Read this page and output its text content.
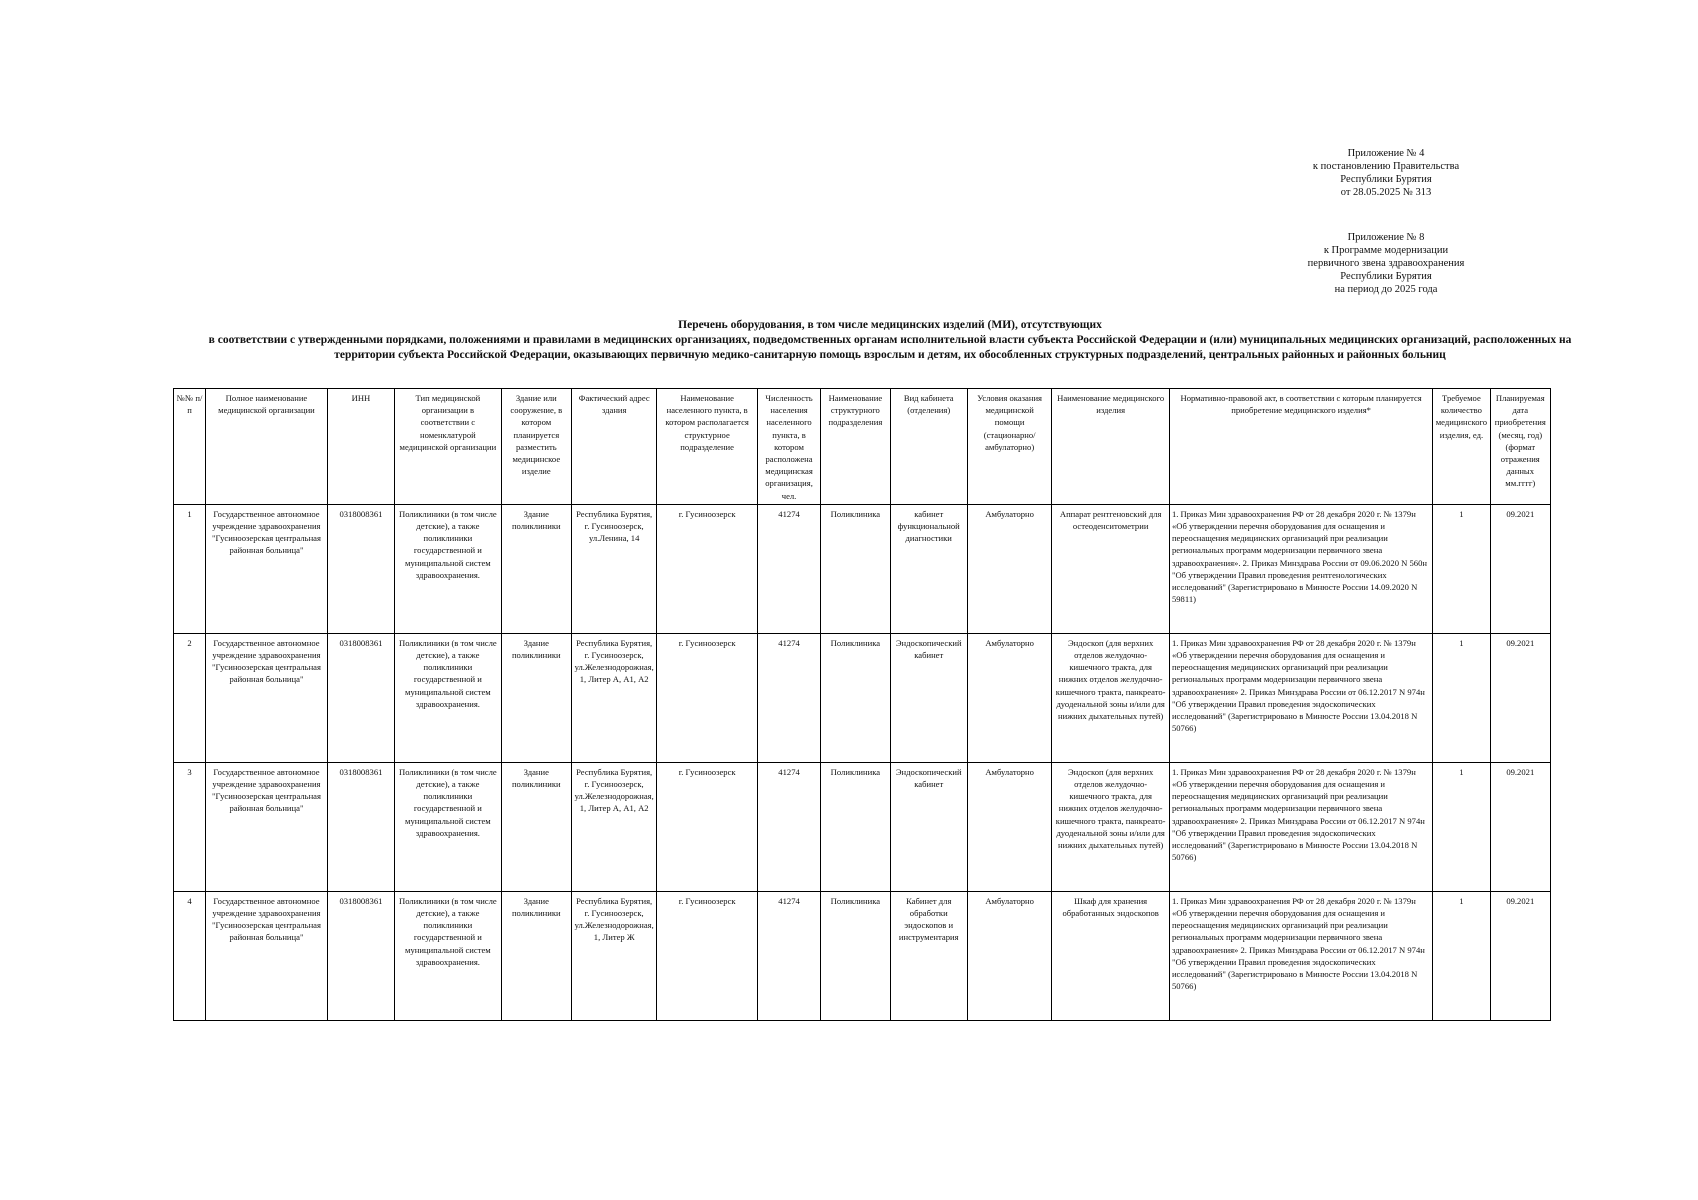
Приложение № 4
к постановлению Правительства
Республики Бурятия
от 28.05.2025 № 313
Приложение № 8
к Программе модернизации
первичного звена здравоохранения
Республики Бурятия
на период до 2025 года
Перечень оборудования, в том числе медицинских изделий (МИ), отсутствующих
в соответствии с утвержденными порядками, положениями и правилами в медицинских организациях, подведомственных органам исполнительной власти субъекта Российской Федерации и (или) муниципальных медицинских организаций, расположенных на территории субъекта Российской Федерации, оказывающих первичную медико-санитарную помощь взрослым и детям, их обособленных структурных подразделений, центральных районных и районных больниц
№№ п/п	Полное наименование медицинской организации	ИНН	Тип медицинской организации в соответствии с номенклатурой медицинской организации	Здание или сооружение, в котором планируется разместить медицинское изделие	Фактический адрес здания	Наименование населенного пункта, в котором располагается структурное подразделение	Численность населения населенного пункта, в котором расположена медицинская организация, чел.	Наименование структурного подразделения	Вид кабинета (отделения)	Условия оказания медицинской помощи (стационарно/амбулаторно)	Наименование медицинского изделия	Нормативно-правовой акт, в соответствии с которым планируется приобретение медицинского изделия*	Требуемое количество медицинского изделия, ед.	Планируемая дата приобретения (месяц, год) (формат отражения данных мм.гггг)
1	Государственное автономное учреждение здравоохранения "Гусиноозерская центральная районная больница"	0318008361	Поликлиники (в том числе детские), а также поликлиники государственной и муниципальной систем здравоохранения.	Здание поликлиники	Республика Бурятия, г. Гусиноозерск, ул.Ленина, 14	г. Гусиноозерск	41274	Поликлиника	кабинет функциональной диагностики	Амбулаторно	Аппарат рентгеновский для остеоденситометрии	1. Приказ Мин здравоохранения РФ от 28 декабря 2020 г. № 1379н «Об утверждении перечня оборудования для оснащения и переоснащения медицинских организаций при реализации региональных программ модернизации первичного звена здравоохранения». 2. Приказ Минздрава России от 09.06.2020 N 560н "Об утверждении Правил проведения рентгенологических исследований" (Зарегистрировано в Минюсте России 14.09.2020 N 59811)	1	09.2021
2	Государственное автономное учреждение здравоохранения "Гусиноозерская центральная районная больница"	0318008361	Поликлиники (в том числе детские), а также поликлиники государственной и муниципальной систем здравоохранения.	Здание поликлиники	Республика Бурятия, г. Гусиноозерск, ул.Железнодорожная, 1, Литер А, А1, А2	г. Гусиноозерск	41274	Поликлиника	Эндоскопический кабинет	Амбулаторно	Эндоскоп (для верхних отделов желудочно-кишечного тракта, для нижних отделов желудочно-кишечного тракта, панкреато-дуоденальной зоны и/или для нижних дыхательных путей)	1. Приказ Мин здравоохранения РФ от 28 декабря 2020 г. № 1379н «Об утверждении перечня оборудования для оснащения и переоснащения медицинских организаций при реализации региональных программ модернизации первичного звена здравоохранения» 2. Приказ Минздрава России от 06.12.2017 N 974н "Об утверждении Правил проведения эндоскопических исследований" (Зарегистрировано в Минюсте России 13.04.2018 N 50766)	1	09.2021
3	Государственное автономное учреждение здравоохранения "Гусиноозерская центральная районная больница"	0318008361	Поликлиники (в том числе детские), а также поликлиники государственной и муниципальной систем здравоохранения.	Здание поликлиники	Республика Бурятия, г. Гусиноозерск, ул.Железнодорожная, 1, Литер А, А1, А2	г. Гусиноозерск	41274	Поликлиника	Эндоскопический кабинет	Амбулаторно	Эндоскоп (для верхних отделов желудочно-кишечного тракта, для нижних отделов желудочно-кишечного тракта, панкреато-дуоденальной зоны и/или для нижних дыхательных путей)	1. Приказ Мин здравоохранения РФ от 28 декабря 2020 г. № 1379н «Об утверждении перечня оборудования для оснащения и переоснащения медицинских организаций при реализации региональных программ модернизации первичного звена здравоохранения» 2. Приказ Минздрава России от 06.12.2017 N 974н "Об утверждении Правил проведения эндоскопических исследований" (Зарегистрировано в Минюсте России 13.04.2018 N 50766)	1	09.2021
4	Государственное автономное учреждение здравоохранения "Гусиноозерская центральная районная больница"	0318008361	Поликлиники (в том числе детские), а также поликлиники государственной и муниципальной систем здравоохранения.	Здание поликлиники	Республика Бурятия, г. Гусиноозерск, ул.Железнодорожная, 1, Литер Ж	г. Гусиноозерск	41274	Поликлиника	Кабинет для обработки эндоскопов и инструментария	Амбулаторно	Шкаф для хранения обработанных эндоскопов	1. Приказ Мин здравоохранения РФ от 28 декабря 2020 г. № 1379н «Об утверждении перечня оборудования для оснащения и переоснащения медицинских организаций при реализации региональных программ модернизации первичного звена здравоохранения» 2. Приказ Минздрава России от 06.12.2017 N 974н "Об утверждении Правил проведения эндоскопических исследований" (Зарегистрировано в Минюсте России 13.04.2018 N 50766)	1	09.2021
